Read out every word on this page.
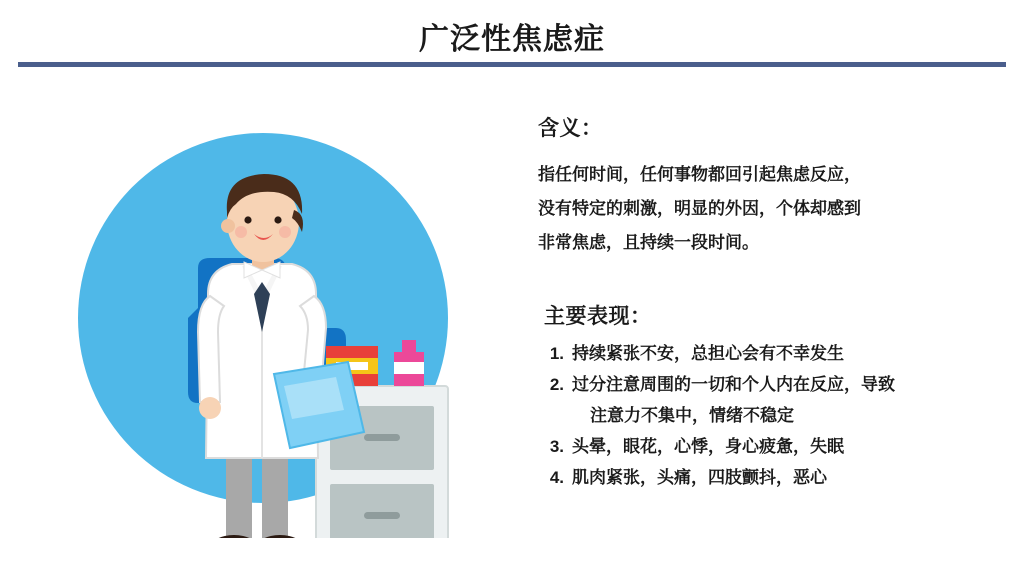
广泛性焦虑症
含义：

指任何时间，任何事物都回引起焦虑反应，

没有特定的刺激，明显的外因，个体却感到

非常焦虑，且持续一段时间。

主要表现：
1. 持续紧张不安，总担心会有不幸发生
2. 过分注意周围的一切和个人内在反应，导致
注意力不集中，情绪不稳定
3. 头晕，眼花，心悸，身心疲惫，失眠
4. 肌肉紧张，头痛，四肢颤抖，恶心
